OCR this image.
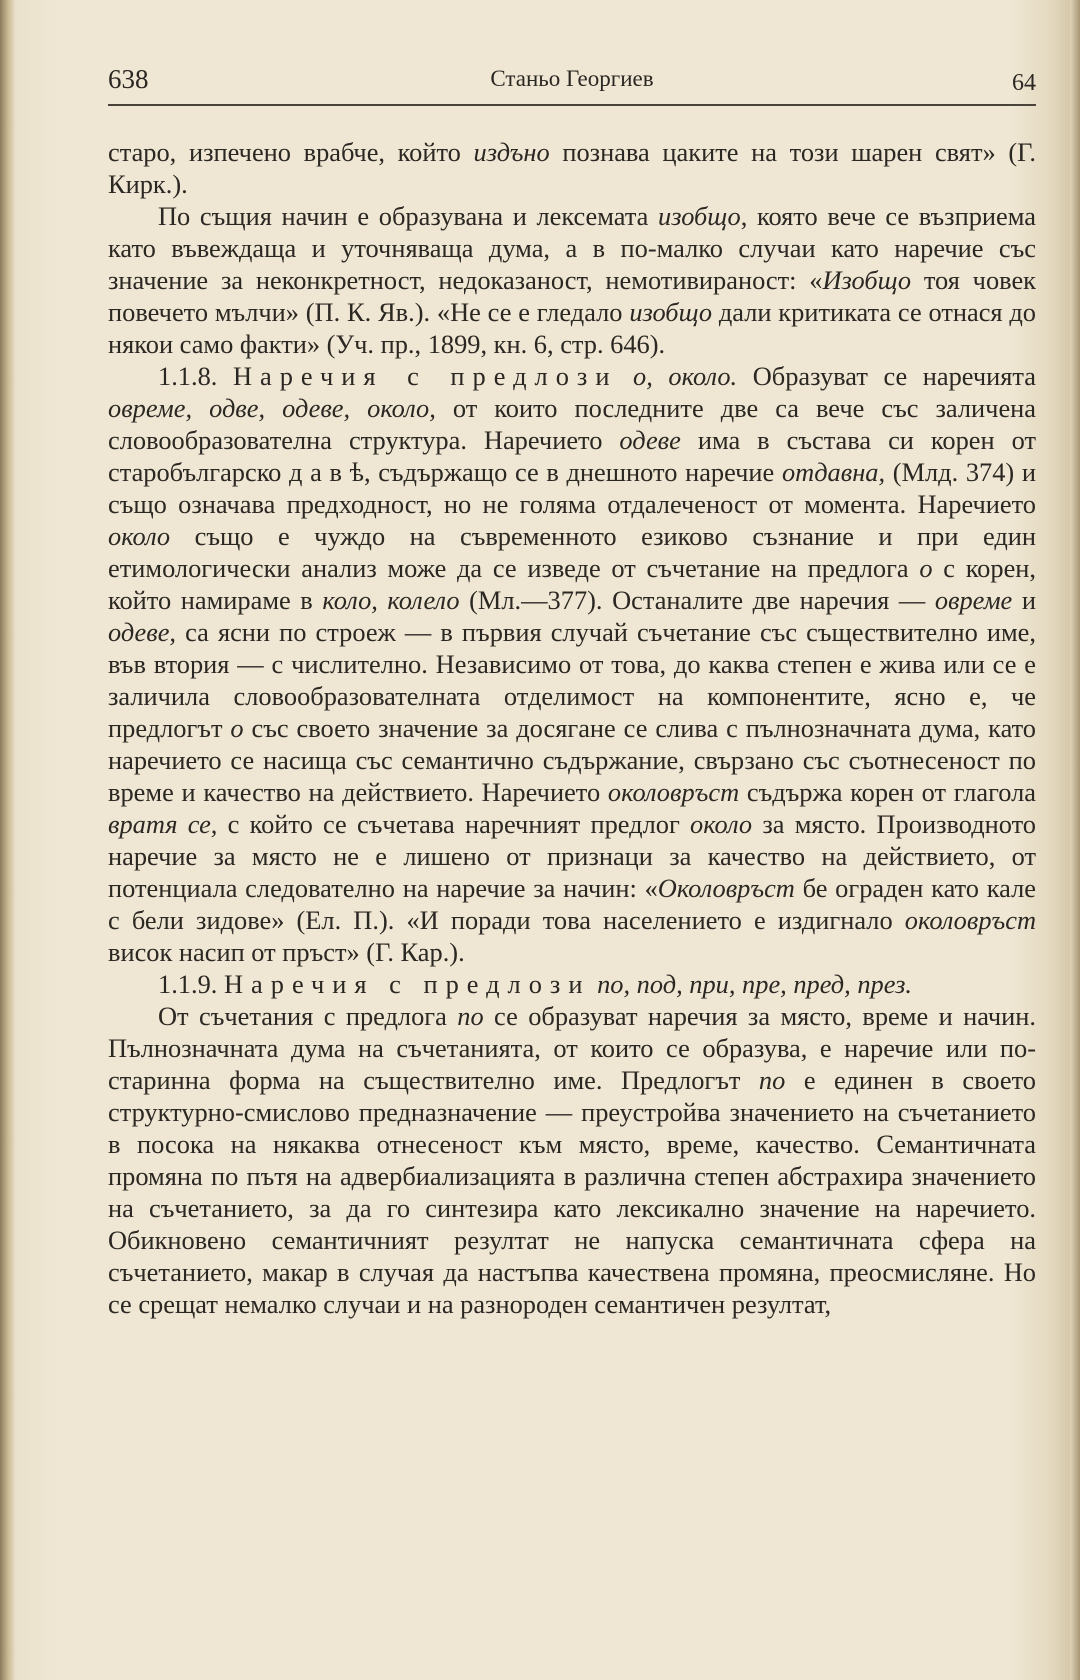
638	Станьо Георгиев	64

старо, изпечено врабче, който издъно познава цаките на този шарен свят» (Г. Кирк.).

По същия начин е образувана и лексемата изобщо, която вече се възприема като въвеждаща и уточняваща дума, а в по-малко случаи като наречие със значение за неконкретност, недоказаност, немотивираност: «Изобщо тоя човек повечето мълчи» (П. К. Яв.). «Не се е гледало изобщо дали критиката се отнася до някои само факти» (Уч. пр., 1899, кн. 6, стр. 646).

1.1.8. Наречия с предлози о, около. Образуват се наречията овреме, одве, одеве, около, от които последните две са вече със заличена словообразователна структура. Наречието одеве има в състава си корен от старобългарско д а в ѣ, съдържащо се в днешното наречие отдавна, (Млд. 374) и също означава предходност, но не голяма отдалеченост от момента. Наречието около също е чуждо на съвременното езиково съзнание и при един етимологически анализ може да се изведе от съчетание на предлога о с корен, който намираме в коло, колело (Мл.—377). Останалите две наречия — овреме и одеве, са ясни по строеж — в първия случай съчетание със съществително име, във втория — с числително. Независимо от това, до каква степен е жива или се е заличила словообразователната отделимост на компонентите, ясно е, че предлогът о със своето значение за досягане се слива с пълнозначната дума, като наречието се насища със семантично съдържание, свързано със съотнесеност по време и качество на действието. Наречието околовръст съдържа корен от глагола вратя се, с който се съчетава наречният предлог около за място. Производното наречие за място не е лишено от признаци за качество на действието, от потенциала следователно на наречие за начин: «Околовръст бе ограден като кале с бели зидове» (Ел. П.). «И поради това населението е издигнало околовръст висок насип от пръст» (Г. Кар.).

1.1.9. Наречия с предлози по, под, при, пре, пред, през.

От съчетания с предлога по се образуват наречия за място, време и начин. Пълнозначната дума на съчетанията, от които се образува, е наречие или по-старинна форма на съществително име. Предлогът по е единен в своето структурно-смислово предназначение — преустройва значението на съчетанието в посока на някаква отнесеност към място, време, качество. Семантичната промяна по пътя на адвербиализацията в различна степен абстрахира значението на съчетанието, за да го синтезира като лексикално значение на наречието. Обикновено семантичният резултат не напуска семантичната сфера на съчетанието, макар в случая да настъпва качествена промяна, преосмисляне. Но се срещат немалко случаи и на разнороден семантичен резултат,
